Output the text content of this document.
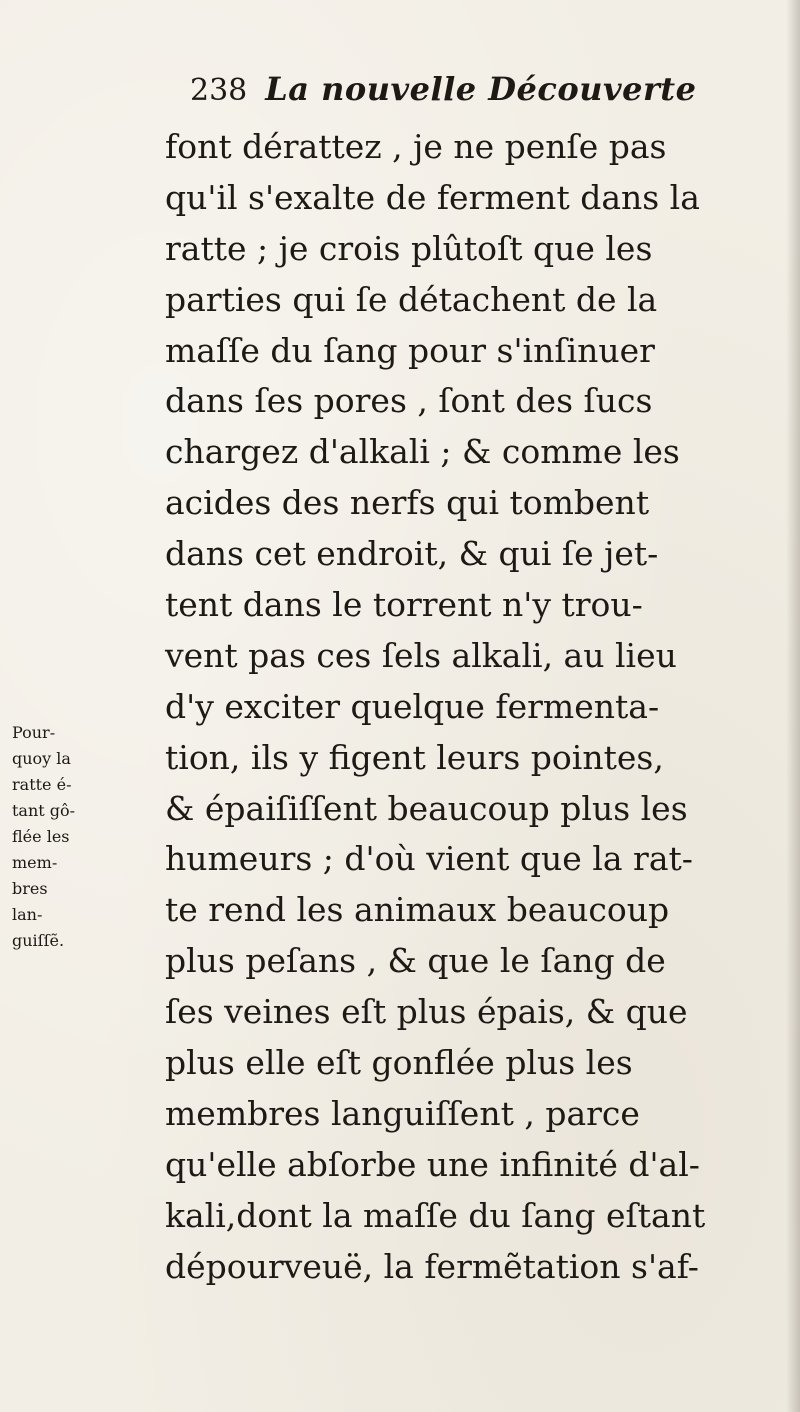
238 La nouvelle Découverte
Pour-
quoy la
ratte é-
tant gô-
flée les
mem-
bres
lan-
guiſſẽ.
font dérattez , je ne penſe pas
qu'il s'exalte de ferment dans la
ratte ; je crois plûtoſt que les
parties qui ſe détachent de la
maſſe du ſang pour s'inſinuer
dans ſes pores , ſont des ſucs
chargez d'alkali ; & comme les
acides des nerfs qui tombent
dans cet endroit, & qui ſe jet-
tent dans le torrent n'y trou-
vent pas ces ſels alkali, au lieu
d'y exciter quelque fermenta-
tion, ils y figent leurs pointes,
& épaiſiſſent beaucoup plus les
humeurs ; d'où vient que la rat-
te rend les animaux beaucoup
plus peſans , & que le ſang de
ſes veines eſt plus épais, & que
plus elle eſt gonflée plus les
membres languiſſent , parce
qu'elle abſorbe une infinité d'al-
kali,dont la maſſe du ſang eſtant
dépourveuë, la fermẽtation s'af-
